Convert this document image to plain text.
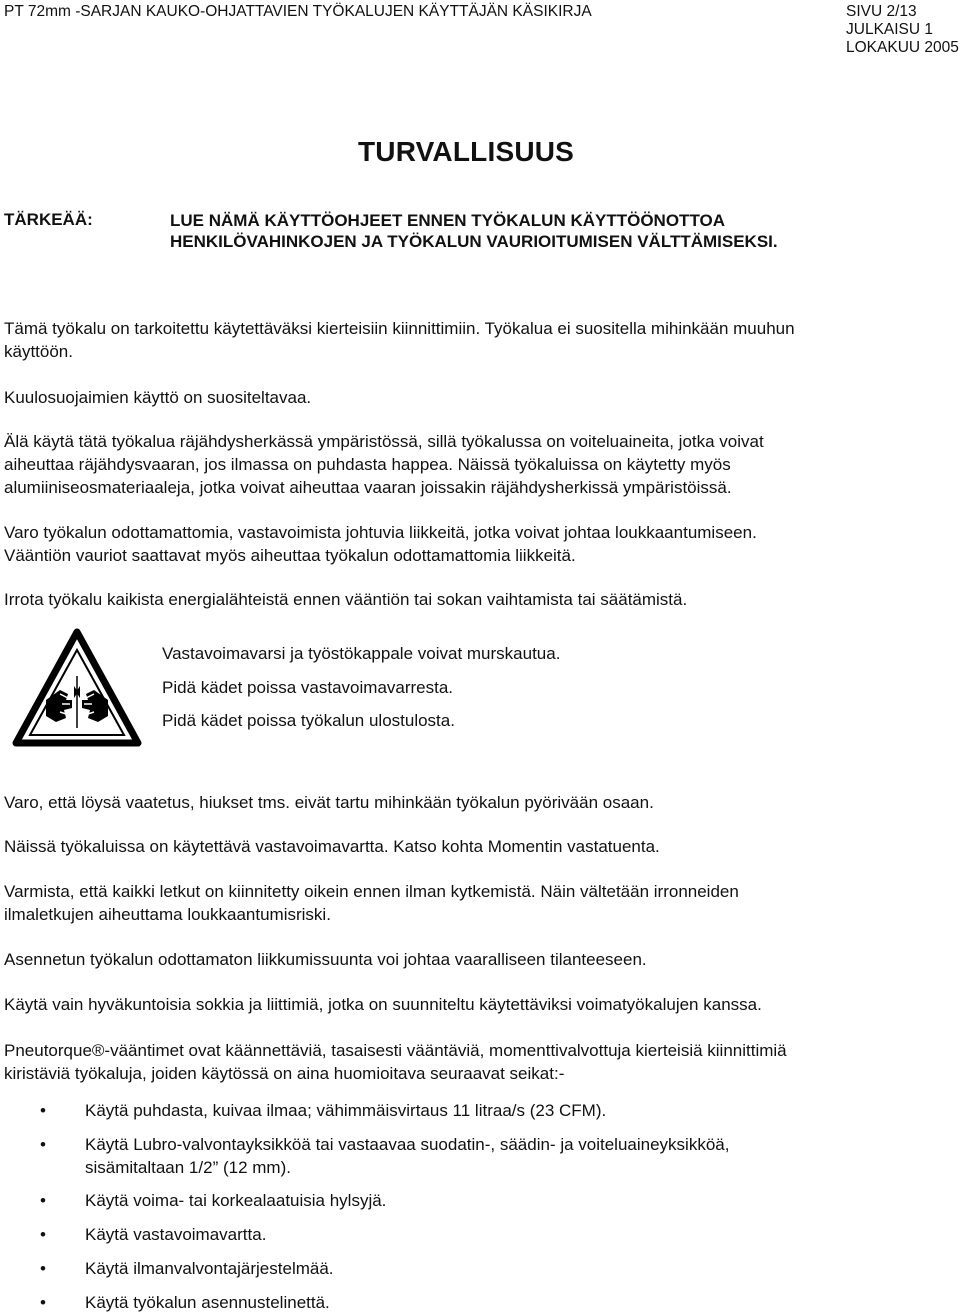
PT 72mm -SARJAN KAUKO-OHJATTAVIEN TYÖKALUJEN KÄYTTÄJÄN KÄSIKIRJA	SIVU 2/13
JULKAISU 1
LOKAKUU 2005
TURVALLISUUS
TÄRKEÄÄ:	LUE NÄMÄ KÄYTTÖOHJEET ENNEN TYÖKALUN KÄYTTÖÖNOTTOA
HENKILÖVAHINKOJEN JA TYÖKALUN VAURIOITUMISEN VÄLTTÄMISEKSI.
Tämä työkalu on tarkoitettu käytettäväksi kierteisiin kiinnittimiin. Työkalua ei suositella mihinkään muuhun
käyttöön.
Kuulosuojaimien käyttö on suositeltavaa.
Älä käytä tätä työkalua räjähdysherkässä ympäristössä, sillä työkalussa on voiteluaineita, jotka voivat
aiheuttaa räjähdysvaaran, jos ilmassa on puhdasta happea. Näissä työkaluissa on käytetty myös
alumiiniseosmateriaaleja, jotka voivat aiheuttaa vaaran joissakin räjähdysherkissä ympäristöissä.
Varo työkalun odottamattomia, vastavoimista johtuvia liikkeitä, jotka voivat johtaa loukkaantumiseen.
Vääntiön vauriot saattavat myös aiheuttaa työkalun odottamattomia liikkeitä.
Irrota työkalu kaikista energialähteistä ennen vääntiön tai sokan vaihtamista tai säätämistä.
Vastavoimavarsi ja työstökappale voivat murskautua.
Pidä kädet poissa vastavoimavarresta.
Pidä kädet poissa työkalun ulostulosta.
Varo, että löysä vaatetus, hiukset tms. eivät tartu mihinkään työkalun pyörivään osaan.
Näissä työkaluissa on käytettävä vastavoimavartta. Katso kohta Momentin vastatuenta.
Varmista, että kaikki letkut on kiinnitetty oikein ennen ilman kytkemistä. Näin vältetään irronneiden
ilmaletkujen aiheuttama loukkaantumisriski.
Asennetun työkalun odottamaton liikkumissuunta voi johtaa vaaralliseen tilanteeseen.
Käytä vain hyväkuntoisia sokkia ja liittimiä, jotka on suunniteltu käytettäviksi voimatyökalujen kanssa.
Pneutorque®-vääntimet ovat käännettäviä, tasaisesti vääntäviä, momenttivalvottuja kierteisiä kiinnittimiä
kiristäviä työkaluja, joiden käytössä on aina huomioitava seuraavat seikat:-
• Käytä puhdasta, kuivaa ilmaa; vähimmäisvirtaus 11 litraa/s (23 CFM).
• Käytä Lubro-valvontayksikköä tai vastaavaa suodatin-, säädin- ja voiteluaineyksikköä,
sisämitaltaan 1/2” (12 mm).
• Käytä voima- tai korkealaatuisia hylsyjä.
• Käytä vastavoimavartta.
• Käytä ilmanvalvontajärjestelmää.
• Käytä työkalun asennustelinettä.
